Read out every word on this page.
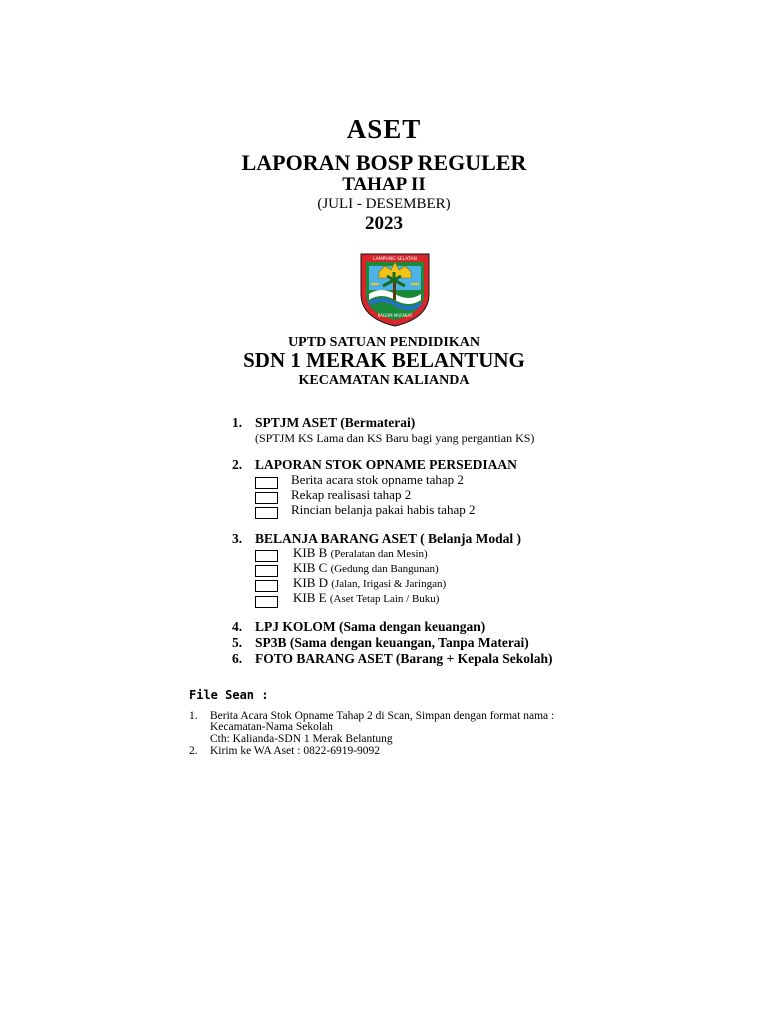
ASET
LAPORAN BOSP REGULER
TAHAP II
(JULI - DESEMBER)
2023
LAMPUNG SELATAN
RAGOM MUFAKAT
UPTD SATUAN PENDIDIKAN
SDN 1 MERAK BELANTUNG
KECAMATAN KALIANDA
1. SPTJM ASET (Bermaterai)
(SPTJM KS Lama dan KS Baru bagi yang pergantian KS)
2. LAPORAN STOK OPNAME PERSEDIAAN
Berita acara stok opname tahap 2
Rekap realisasi tahap 2
Rincian belanja pakai habis tahap 2
3. BELANJA BARANG ASET ( Belanja Modal )
KIB B (Peralatan dan Mesin)
KIB C (Gedung dan Bangunan)
KIB D (Jalan, Irigasi & Jaringan)
KIB E (Aset Tetap Lain / Buku)
4. LPJ KOLOM (Sama dengan keuangan)
5. SP3B (Sama dengan keuangan, Tanpa Materai)
6. FOTO BARANG ASET (Barang + Kepala Sekolah)
File Sean :
1. Berita Acara Stok Opname Tahap 2 di Scan, Simpan dengan format nama :
Kecamatan-Nama Sekolah
Cth: Kalianda-SDN 1 Merak Belantung
2. Kirim ke WA Aset : 0822-6919-9092
